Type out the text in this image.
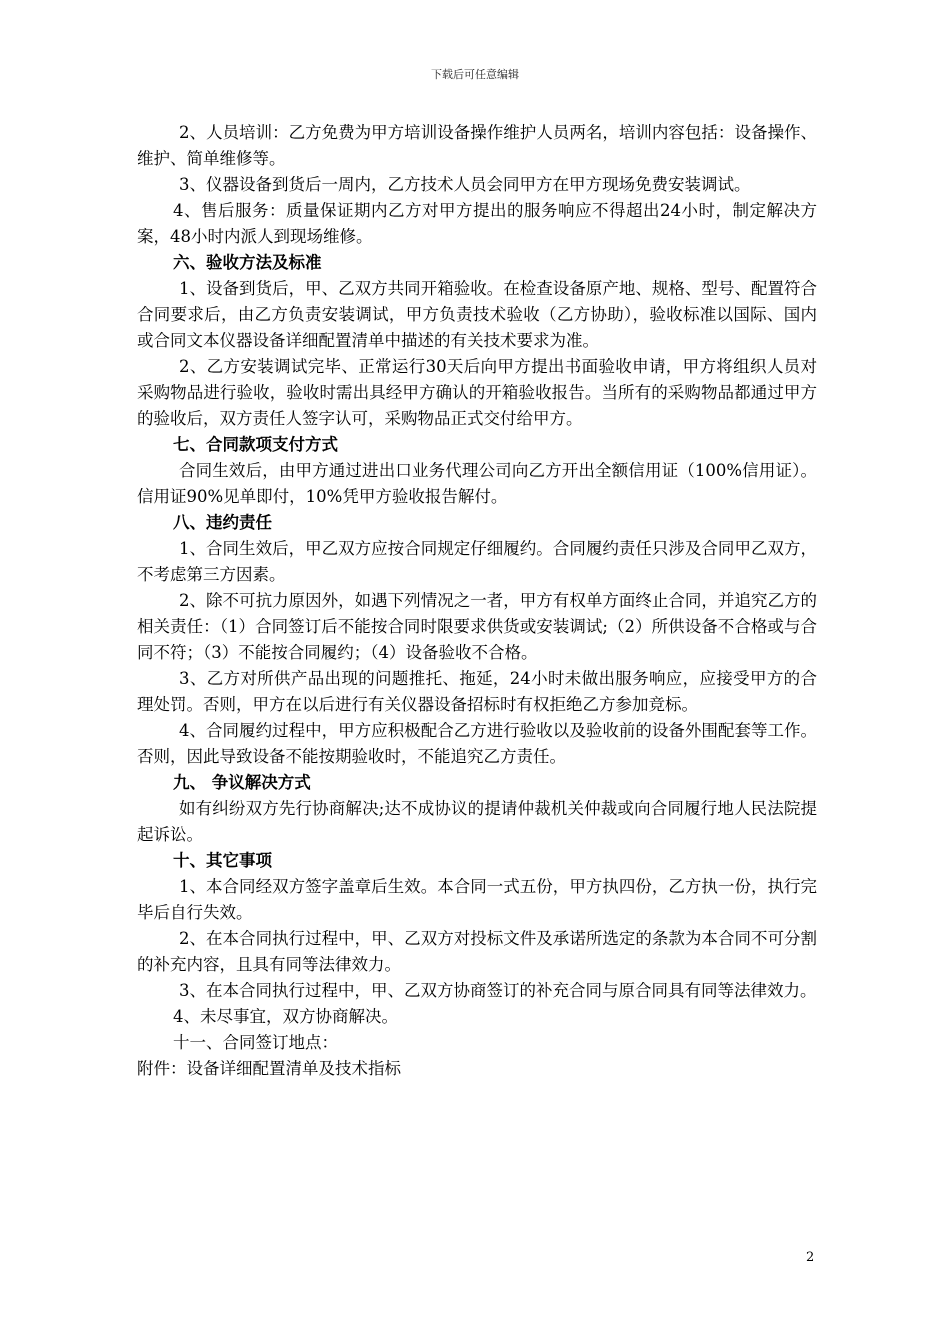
下载后可任意编辑

2、人员培训：乙方免费为甲方培训设备操作维护人员两名，培训内容包括：设备操作、维护、简单维修等。

3、仪器设备到货后一周内，乙方技术人员会同甲方在甲方现场免费安装调试。

4、售后服务：质量保证期内乙方对甲方提出的服务响应不得超出24小时，制定解决方案，48小时内派人到现场维修。

六、验收方法及标准

1、设备到货后，甲、乙双方共同开箱验收。在检查设备原产地、规格、型号、配置符合合同要求后，由乙方负责安装调试，甲方负责技术验收（乙方协助），验收标准以国际、国内或合同文本仪器设备详细配置清单中描述的有关技术要求为准。

2、乙方安装调试完毕、正常运行30天后向甲方提出书面验收申请，甲方将组织人员对采购物品进行验收，验收时需出具经甲方确认的开箱验收报告。当所有的采购物品都通过甲方的验收后，双方责任人签字认可，采购物品正式交付给甲方。

七、合同款项支付方式

合同生效后，由甲方通过进出口业务代理公司向乙方开出全额信用证（100%信用证）。信用证90%见单即付，10%凭甲方验收报告解付。

八、违约责任

1、合同生效后，甲乙双方应按合同规定仔细履约。合同履约责任只涉及合同甲乙双方，不考虑第三方因素。

2、除不可抗力原因外，如遇下列情况之一者，甲方有权单方面终止合同，并追究乙方的相关责任：（1）合同签订后不能按合同时限要求供货或安装调试;（2）所供设备不合格或与合同不符；（3）不能按合同履约；（4）设备验收不合格。

3、乙方对所供产品出现的问题推托、拖延，24小时未做出服务响应，应接受甲方的合理处罚。否则，甲方在以后进行有关仪器设备招标时有权拒绝乙方参加竞标。

4、合同履约过程中，甲方应积极配合乙方进行验收以及验收前的设备外围配套等工作。否则，因此导致设备不能按期验收时，不能追究乙方责任。

九、 争议解决方式

如有纠纷双方先行协商解决;达不成协议的提请仲裁机关仲裁或向合同履行地人民法院提起诉讼。

十、其它事项

1、本合同经双方签字盖章后生效。本合同一式五份，甲方执四份，乙方执一份，执行完毕后自行失效。

2、在本合同执行过程中，甲、乙双方对投标文件及承诺所选定的条款为本合同不可分割的补充内容，且具有同等法律效力。

3、在本合同执行过程中，甲、乙双方协商签订的补充合同与原合同具有同等法律效力。

4、未尽事宜，双方协商解决。

十一、合同签订地点：

附件：设备详细配置清单及技术指标

2
